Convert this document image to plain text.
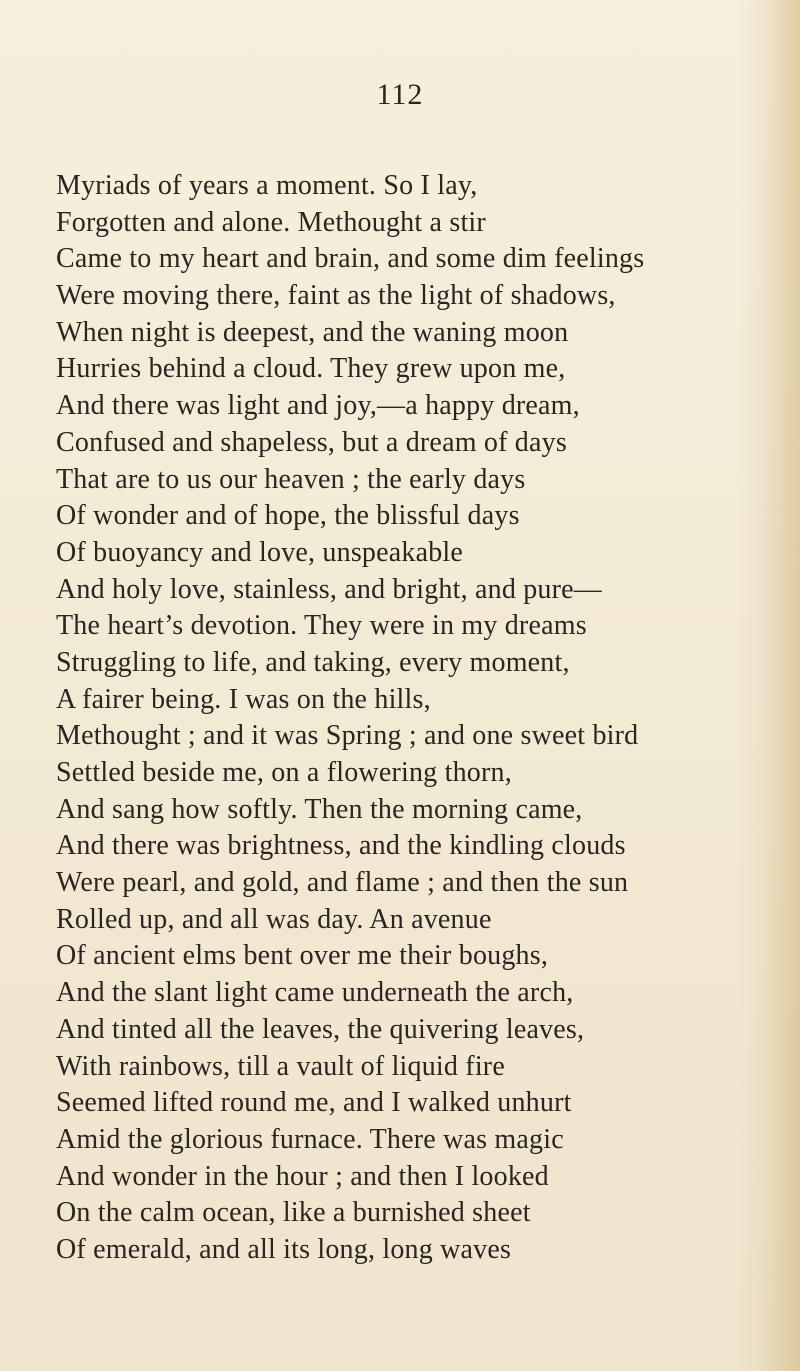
112
Myriads of years a moment. So I lay,
Forgotten and alone. Methought a stir
Came to my heart and brain, and some dim feelings
Were moving there, faint as the light of shadows,
When night is deepest, and the waning moon
Hurries behind a cloud. They grew upon me,
And there was light and joy,—a happy dream,
Confused and shapeless, but a dream of days
That are to us our heaven ; the early days
Of wonder and of hope, the blissful days
Of buoyancy and love, unspeakable
And holy love, stainless, and bright, and pure—
The heart’s devotion. They were in my dreams
Struggling to life, and taking, every moment,
A fairer being. I was on the hills,
Methought ; and it was Spring ; and one sweet bird
Settled beside me, on a flowering thorn,
And sang how softly. Then the morning came,
And there was brightness, and the kindling clouds
Were pearl, and gold, and flame ; and then the sun
Rolled up, and all was day. An avenue
Of ancient elms bent over me their boughs,
And the slant light came underneath the arch,
And tinted all the leaves, the quivering leaves,
With rainbows, till a vault of liquid fire
Seemed lifted round me, and I walked unhurt
Amid the glorious furnace. There was magic
And wonder in the hour ; and then I looked
On the calm ocean, like a burnished sheet
Of emerald, and all its long, long waves
